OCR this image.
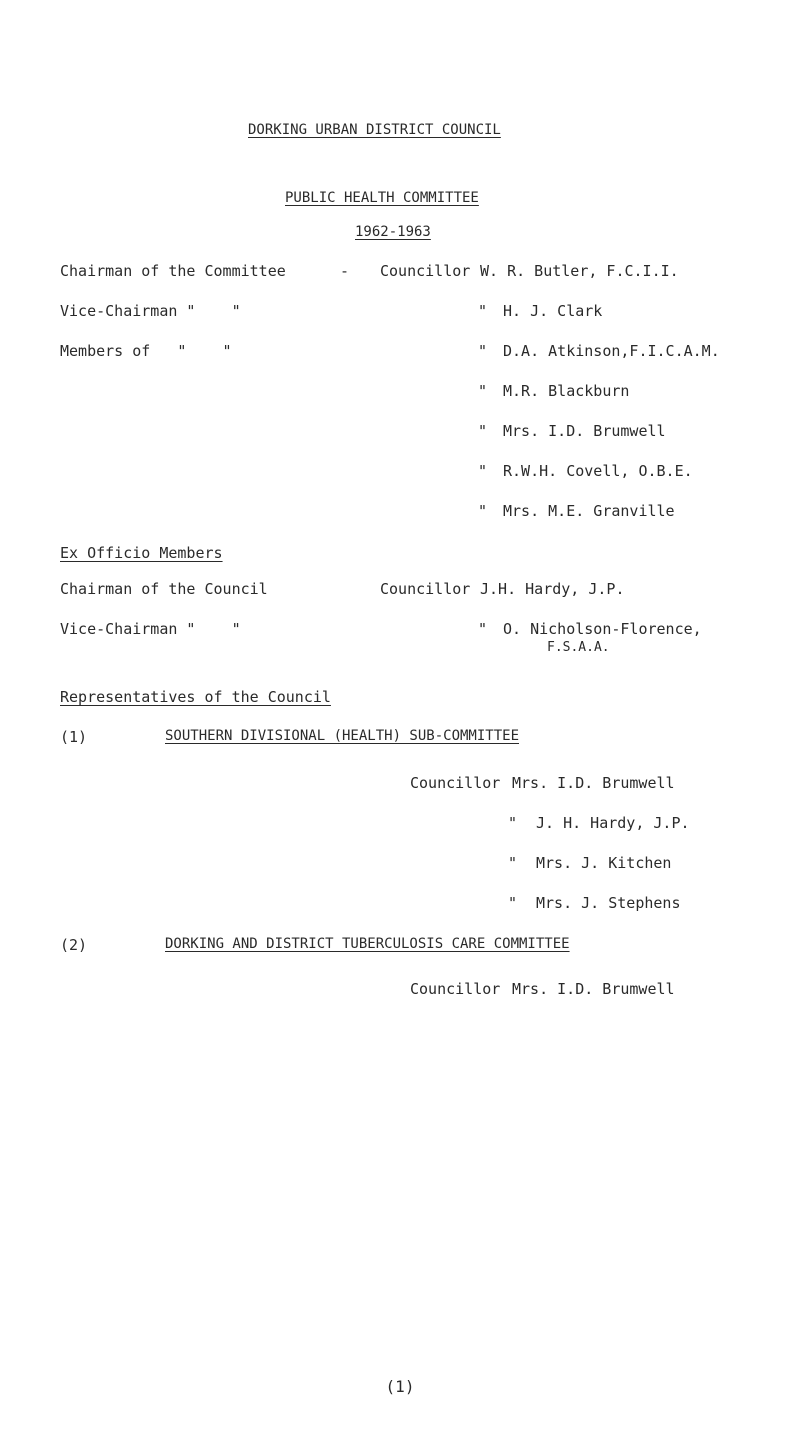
DORKING URBAN DISTRICT COUNCIL
PUBLIC HEALTH COMMITTEE
1962-1963
Chairman of the Committee	- Councillor W. R. Butler, F.C.I.I.
Vice-Chairman "    "	" H. J. Clark
Members of   "    "	" D.A. Atkinson,F.I.C.A.M.
" M.R. Blackburn
" Mrs. I.D. Brumwell
" R.W.H. Covell, O.B.E.
" Mrs. M.E. Granville
Ex Officio Members
Chairman of the Council	Councillor J.H. Hardy, J.P.
Vice-Chairman "    "	" O. Nicholson-Florence,
F.S.A.A.
Representatives of the Council
(1)	SOUTHERN DIVISIONAL (HEALTH) SUB-COMMITTEE
Councillor Mrs. I.D. Brumwell
" J. H. Hardy, J.P.
" Mrs. J. Kitchen
" Mrs. J. Stephens
(2)	DORKING AND DISTRICT TUBERCULOSIS CARE COMMITTEE
Councillor Mrs. I.D. Brumwell
(1)
